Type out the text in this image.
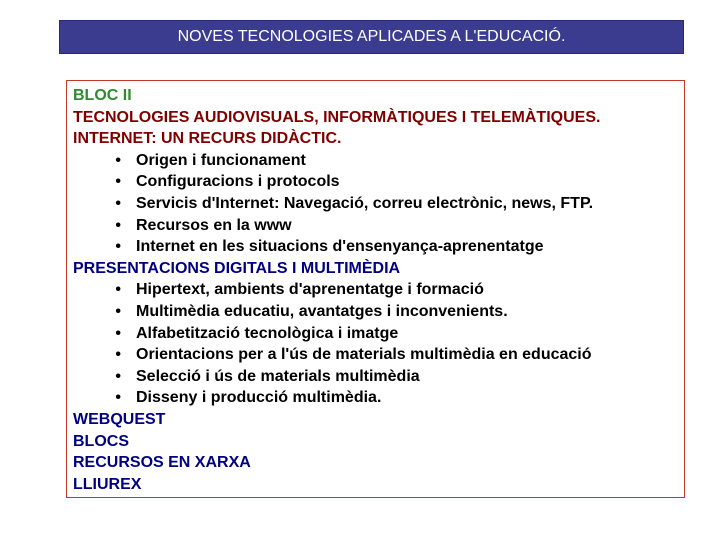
NOVES TECNOLOGIES APLICADES A L'EDUCACIÓ.
BLOC II
TECNOLOGIES AUDIOVISUALS, INFORMÀTIQUES I TELEMÀTIQUES.
INTERNET: UN RECURS DIDÀCTIC.
• Origen i funcionament
• Configuracions i protocols
• Servicis d'Internet: Navegació, correu electrònic, news, FTP.
• Recursos en la www
• Internet en les situacions d'ensenyança-aprenentatge
PRESENTACIONS DIGITALS I MULTIMÈDIA
• Hipertext, ambients d'aprenentatge i formació
• Multimèdia educatiu, avantatges i inconvenients.
• Alfabetització tecnològica i imatge
• Orientacions per a l'ús de materials multimèdia en educació
• Selecció i ús de materials multimèdia
• Disseny i producció multimèdia.
WEBQUEST
BLOCS
RECURSOS EN XARXA
LLIUREX
